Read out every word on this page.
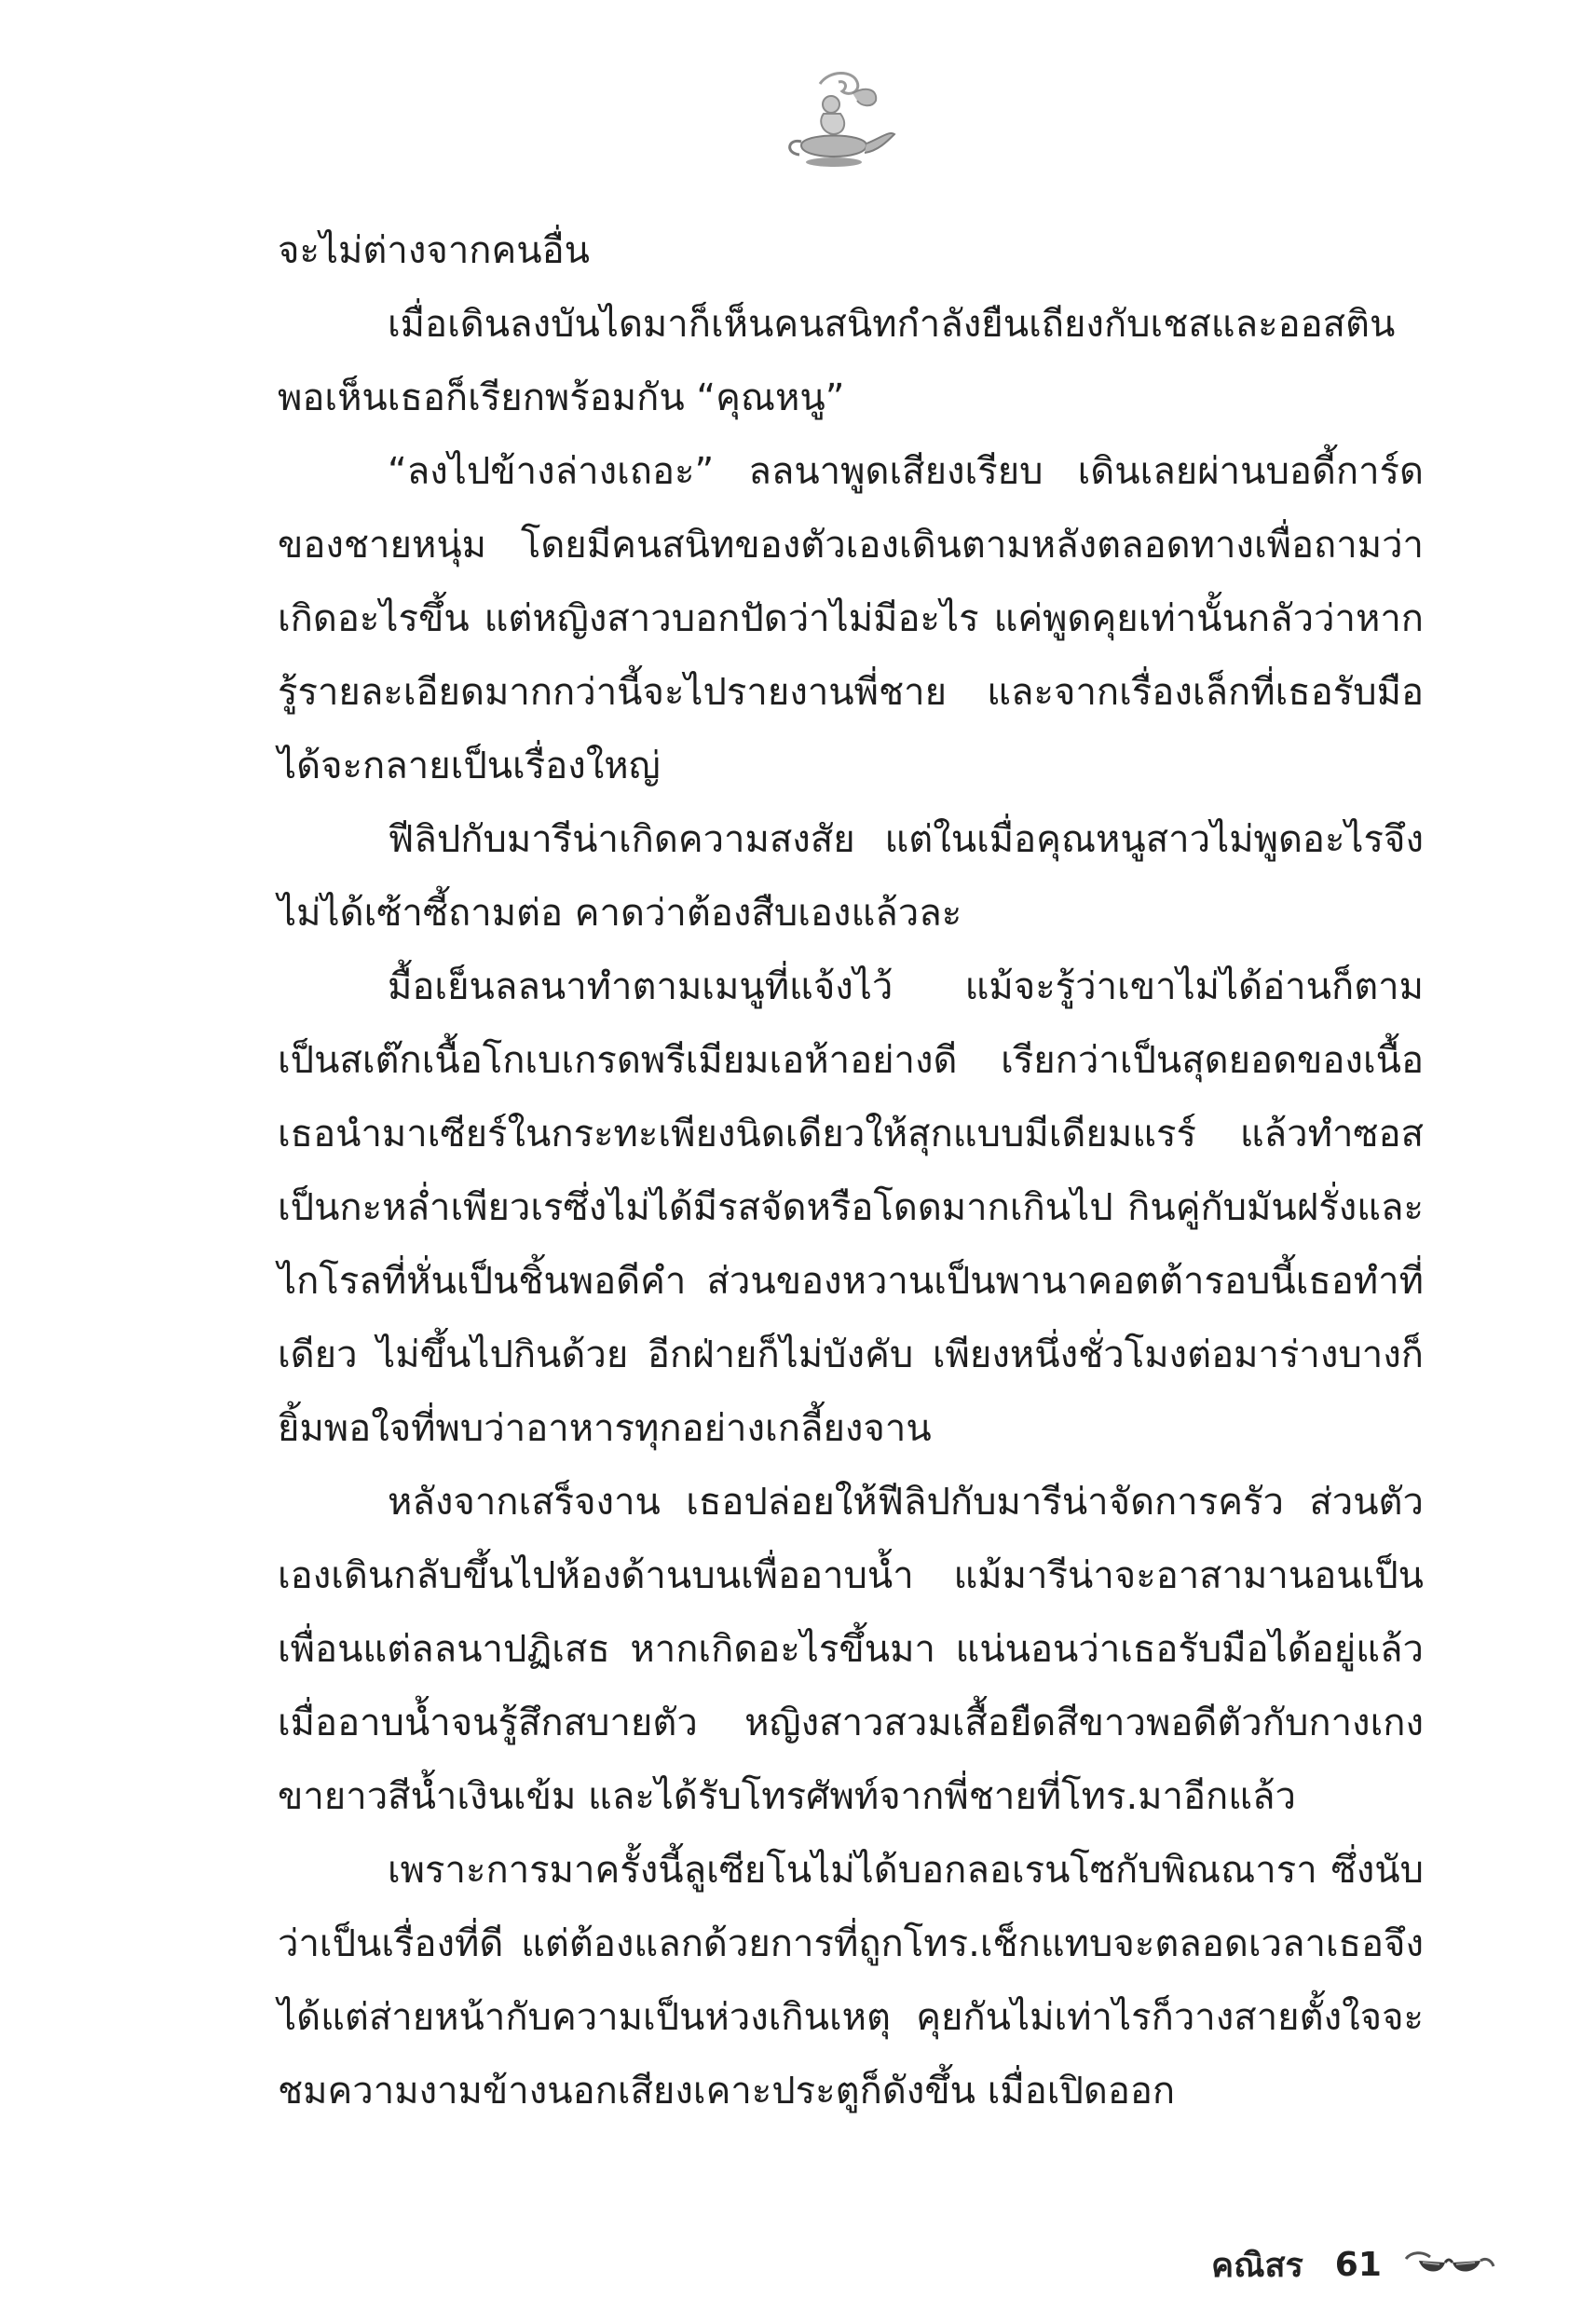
จะไม่ต่างจากคนอื่น

เมื่อเดินลงบันไดมาก็เห็นคนสนิทกำลังยืนเถียงกับเชสและออสติน พอเห็นเธอก็เรียกพร้อมกัน “คุณหนู”

“ลงไปข้างล่างเถอะ” ลลนาพูดเสียงเรียบ เดินเลยผ่านบอดี้การ์ดของชายหนุ่ม โดยมีคนสนิทของตัวเองเดินตามหลังตลอดทางเพื่อถามว่าเกิดอะไรขึ้น แต่หญิงสาวบอกปัดว่าไม่มีอะไร แค่พูดคุยเท่านั้นกลัวว่าหากรู้รายละเอียดมากกว่านี้จะไปรายงานพี่ชาย และจากเรื่องเล็กที่เธอรับมือได้จะกลายเป็นเรื่องใหญ่

ฟีลิปกับมารีน่าเกิดความสงสัย แต่ในเมื่อคุณหนูสาวไม่พูดอะไรจึงไม่ได้เซ้าซี้ถามต่อ คาดว่าต้องสืบเองแล้วละ

มื้อเย็นลลนาทำตามเมนูที่แจ้งไว้ แม้จะรู้ว่าเขาไม่ได้อ่านก็ตามเป็นสเต๊กเนื้อโกเบเกรดพรีเมียมเอห้าอย่างดี เรียกว่าเป็นสุดยอดของเนื้อ เธอนำมาเซียร์ในกระทะเพียงนิดเดียวให้สุกแบบมีเดียมแรร์ แล้วทำซอสเป็นกะหล่ำเพียวเรซึ่งไม่ได้มีรสจัดหรือโดดมากเกินไป กินคู่กับมันฝรั่งและไกโรลที่หั่นเป็นชิ้นพอดีคำ ส่วนของหวานเป็นพานาคอตต้ารอบนี้เธอทำที่เดียว ไม่ขึ้นไปกินด้วย อีกฝ่ายก็ไม่บังคับ เพียงหนึ่งชั่วโมงต่อมาร่างบางก็ยิ้มพอใจที่พบว่าอาหารทุกอย่างเกลี้ยงจาน

หลังจากเสร็จงาน เธอปล่อยให้ฟีลิปกับมารีน่าจัดการครัว ส่วนตัวเองเดินกลับขึ้นไปห้องด้านบนเพื่ออาบน้ำ แม้มารีน่าจะอาสามานอนเป็นเพื่อนแต่ลลนาปฏิเสธ หากเกิดอะไรขึ้นมา แน่นอนว่าเธอรับมือได้อยู่แล้ว เมื่ออาบน้ำจนรู้สึกสบายตัว หญิงสาวสวมเสื้อยืดสีขาวพอดีตัวกับกางเกงขายาวสีน้ำเงินเข้ม และได้รับโทรศัพท์จากพี่ชายที่โทร.มาอีกแล้ว

เพราะการมาครั้งนี้ลูเซียโนไม่ได้บอกลอเรนโซกับพิณณารา ซึ่งนับว่าเป็นเรื่องที่ดี แต่ต้องแลกด้วยการที่ถูกโทร.เช็กแทบจะตลอดเวลาเธอจึงได้แต่ส่ายหน้ากับความเป็นห่วงเกินเหตุ คุยกันไม่เท่าไรก็วางสายตั้งใจจะชมความงามข้างนอกเสียงเคาะประตูก็ดังขึ้น เมื่อเปิดออก

คณิสร 61
